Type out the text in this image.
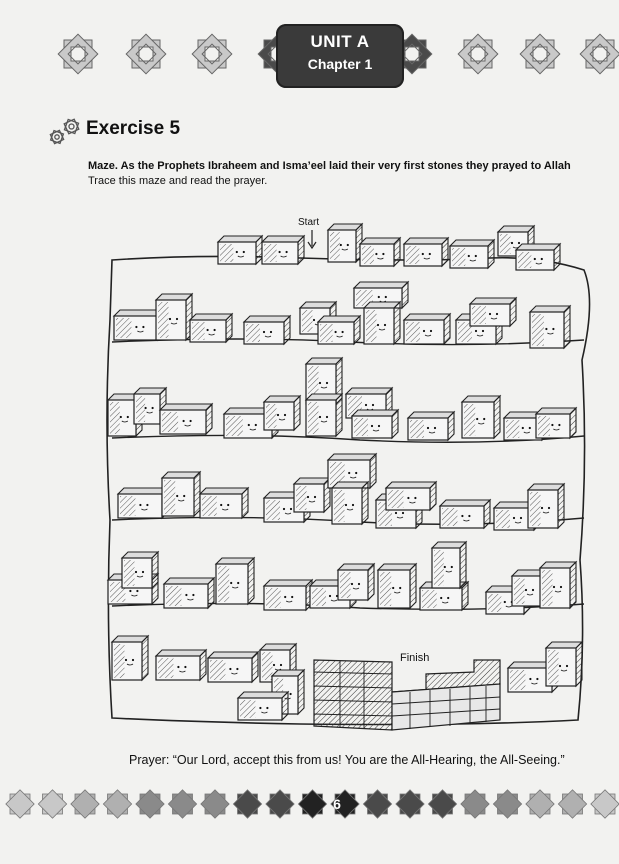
UNIT A
Chapter 1
Exercise 5
Maze. As the Prophets Ibraheem and Isma’eel laid their very first stones they prayed to Allah
Trace this maze and read the prayer.
Start
Finish
Prayer: “Our Lord, accept this from us! You are the All-Hearing, the All-Seeing.”
6
